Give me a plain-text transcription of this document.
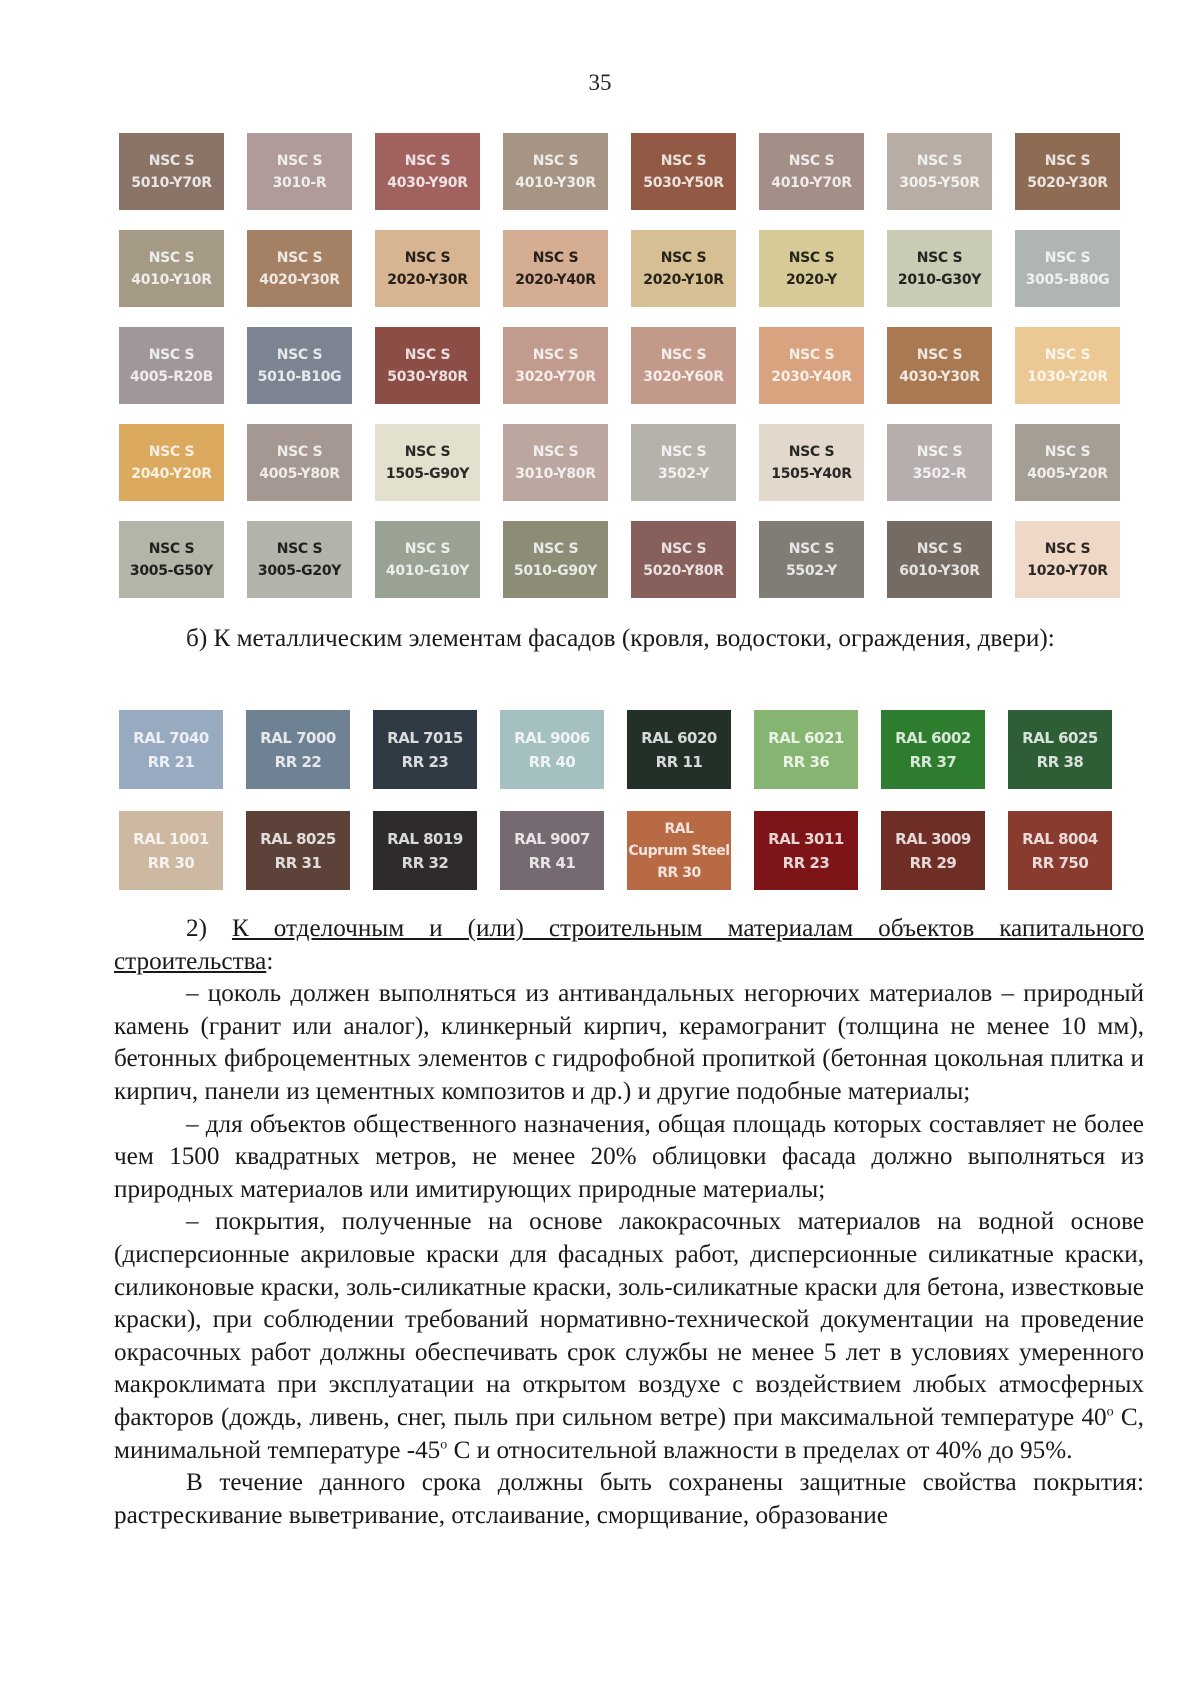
35
NSC S
5010-Y70R
NSC S
3010-R
NSC S
4030-Y90R
NSC S
4010-Y30R
NSC S
5030-Y50R
NSC S
4010-Y70R
NSC S
3005-Y50R
NSC S
5020-Y30R
NSC S
4010-Y10R
NSC S
4020-Y30R
NSC S
2020-Y30R
NSC S
2020-Y40R
NSC S
2020-Y10R
NSC S
2020-Y
NSC S
2010-G30Y
NSC S
3005-B80G
NSC S
4005-R20B
NSC S
5010-B10G
NSC S
5030-Y80R
NSC S
3020-Y70R
NSC S
3020-Y60R
NSC S
2030-Y40R
NSC S
4030-Y30R
NSC S
1030-Y20R
NSC S
2040-Y20R
NSC S
4005-Y80R
NSC S
1505-G90Y
NSC S
3010-Y80R
NSC S
3502-Y
NSC S
1505-Y40R
NSC S
3502-R
NSC S
4005-Y20R
NSC S
3005-G50Y
NSC S
3005-G20Y
NSC S
4010-G10Y
NSC S
5010-G90Y
NSC S
5020-Y80R
NSC S
5502-Y
NSC S
6010-Y30R
NSC S
1020-Y70R

б) К металлическим элементам фасадов (кровля, водостоки, ограждения, двери):

RAL 7040
RR 21
RAL 7000
RR 22
RAL 7015
RR 23
RAL 9006
RR 40
RAL 6020
RR 11
RAL 6021
RR 36
RAL 6002
RR 37
RAL 6025
RR 38
RAL 1001
RR 30
RAL 8025
RR 31
RAL 8019
RR 32
RAL 9007
RR 41
RAL
Cuprum Steel
RR 30
RAL 3011
RR 23
RAL 3009
RR 29
RAL 8004
RR 750

2) К отделочным и (или) строительным материалам объектов капитального строительства:

– цоколь должен выполняться из антивандальных негорючих материалов – природный камень (гранит или аналог), клинкерный кирпич, керамогранит (толщина не менее 10 мм), бетонных фиброцементных элементов с гидрофобной пропиткой (бетонная цокольная плитка и кирпич, панели из цементных композитов и др.) и другие подобные материалы;

– для объектов общественного назначения, общая площадь которых составляет не более чем 1500 квадратных метров, не менее 20% облицовки фасада должно выполняться из природных материалов или имитирующих природные материалы;

– покрытия, полученные на основе лакокрасочных материалов на водной основе (дисперсионные акриловые краски для фасадных работ, дисперсионные силикатные краски, силиконовые краски, золь-силикатные краски, золь-силикатные краски для бетона, известковые краски), при соблюдении требований нормативно-технической документации на проведение окрасочных работ должны обеспечивать срок службы не менее 5 лет в условиях умеренного макроклимата при эксплуатации на открытом воздухе с воздействием любых атмосферных факторов (дождь, ливень, снег, пыль при сильном ветре) при максимальной температуре 40$^o$ С, минимальной температуре -45$^o$ С и относительной влажности в пределах от 40% до 95%.

В течение данного срока должны быть сохранены защитные свойства покрытия: растрескивание выветривание, отслаивание, сморщивание, образование
